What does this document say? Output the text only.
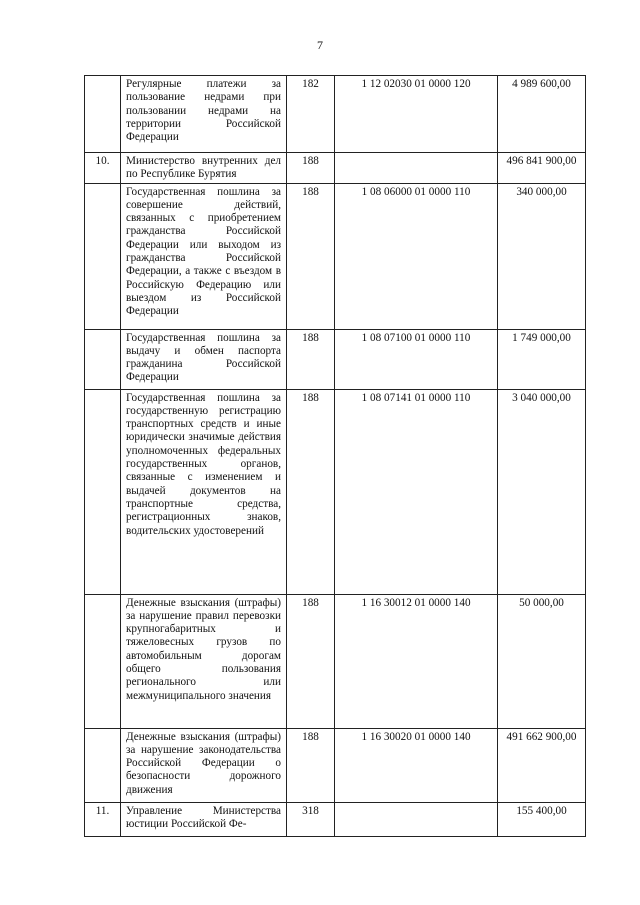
7
	Регулярные платежи за пользование недрами при пользовании недрами на территории Российской Федерации	182	1 12 02030 01 0000 120	4 989 600,00
10.	Министерство внутренних дел по Республике Бурятия	188		496 841 900,00
	Государственная пошлина за совершение действий, связанных с приобретением гражданства Российской Федерации или выходом из гражданства Российской Федерации, а также с въездом в Российскую Федерацию или выездом из Российской Федерации	188	1 08 06000 01 0000 110	340 000,00
	Государственная пошлина за выдачу и обмен паспорта гражданина Российской Федерации	188	1 08 07100 01 0000 110	1 749 000,00
	Государственная пошлина за государственную регистрацию транспортных средств и иные юридически значимые действия уполномоченных федеральных государственных органов, связанные с изменением и выдачей документов на транспортные средства, регистрационных знаков, водительских удостоверений	188	1 08 07141 01 0000 110	3 040 000,00
	Денежные взыскания (штрафы) за нарушение правил перевозки крупногабаритных и тяжеловесных грузов по автомобильным дорогам общего пользования регионального или межмуниципального значения	188	1 16 30012 01 0000 140	50 000,00
	Денежные взыскания (штрафы) за нарушение законодательства Российской Федерации о безопасности дорожного движения	188	1 16 30020 01 0000 140	491 662 900,00
11.	Управление Министерства юстиции Российской Фе-	318		155 400,00
